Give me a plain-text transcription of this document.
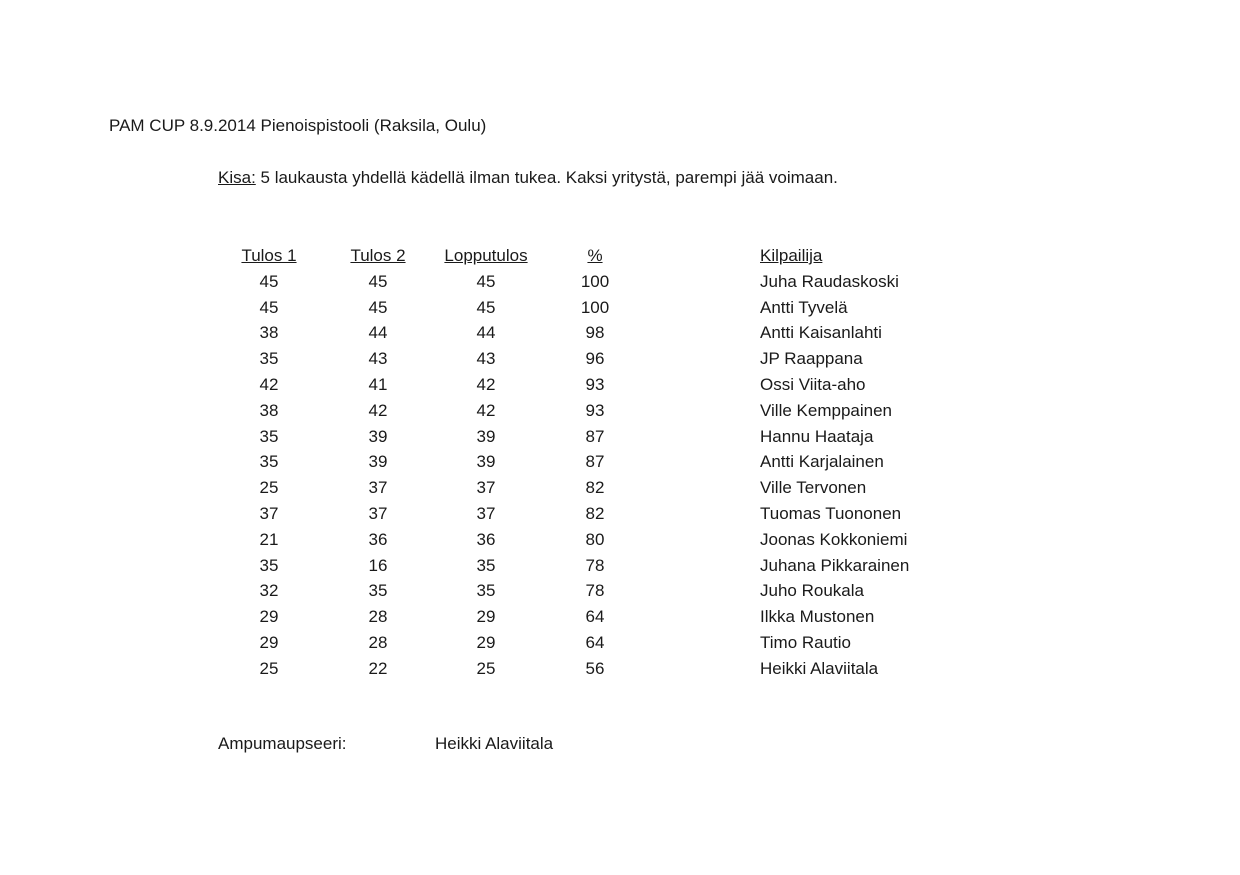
PAM CUP 8.9.2014 Pienoispistooli (Raksila, Oulu)
Kisa: 5 laukausta yhdellä kädellä ilman tukea. Kaksi yritystä, parempi jää voimaan.
Tulos 1	Tulos 2	Lopputulos	%	Kilpailija
45	45	45	100	Juha Raudaskoski
45	45	45	100	Antti Tyvelä
38	44	44	98	Antti Kaisanlahti
35	43	43	96	JP Raappana
42	41	42	93	Ossi Viita-aho
38	42	42	93	Ville Kemppainen
35	39	39	87	Hannu Haataja
35	39	39	87	Antti Karjalainen
25	37	37	82	Ville Tervonen
37	37	37	82	Tuomas Tuononen
21	36	36	80	Joonas Kokkoniemi
35	16	35	78	Juhana Pikkarainen
32	35	35	78	Juho Roukala
29	28	29	64	Ilkka Mustonen
29	28	29	64	Timo Rautio
25	22	25	56	Heikki Alaviitala
Ampumaupseeri:	Heikki Alaviitala
